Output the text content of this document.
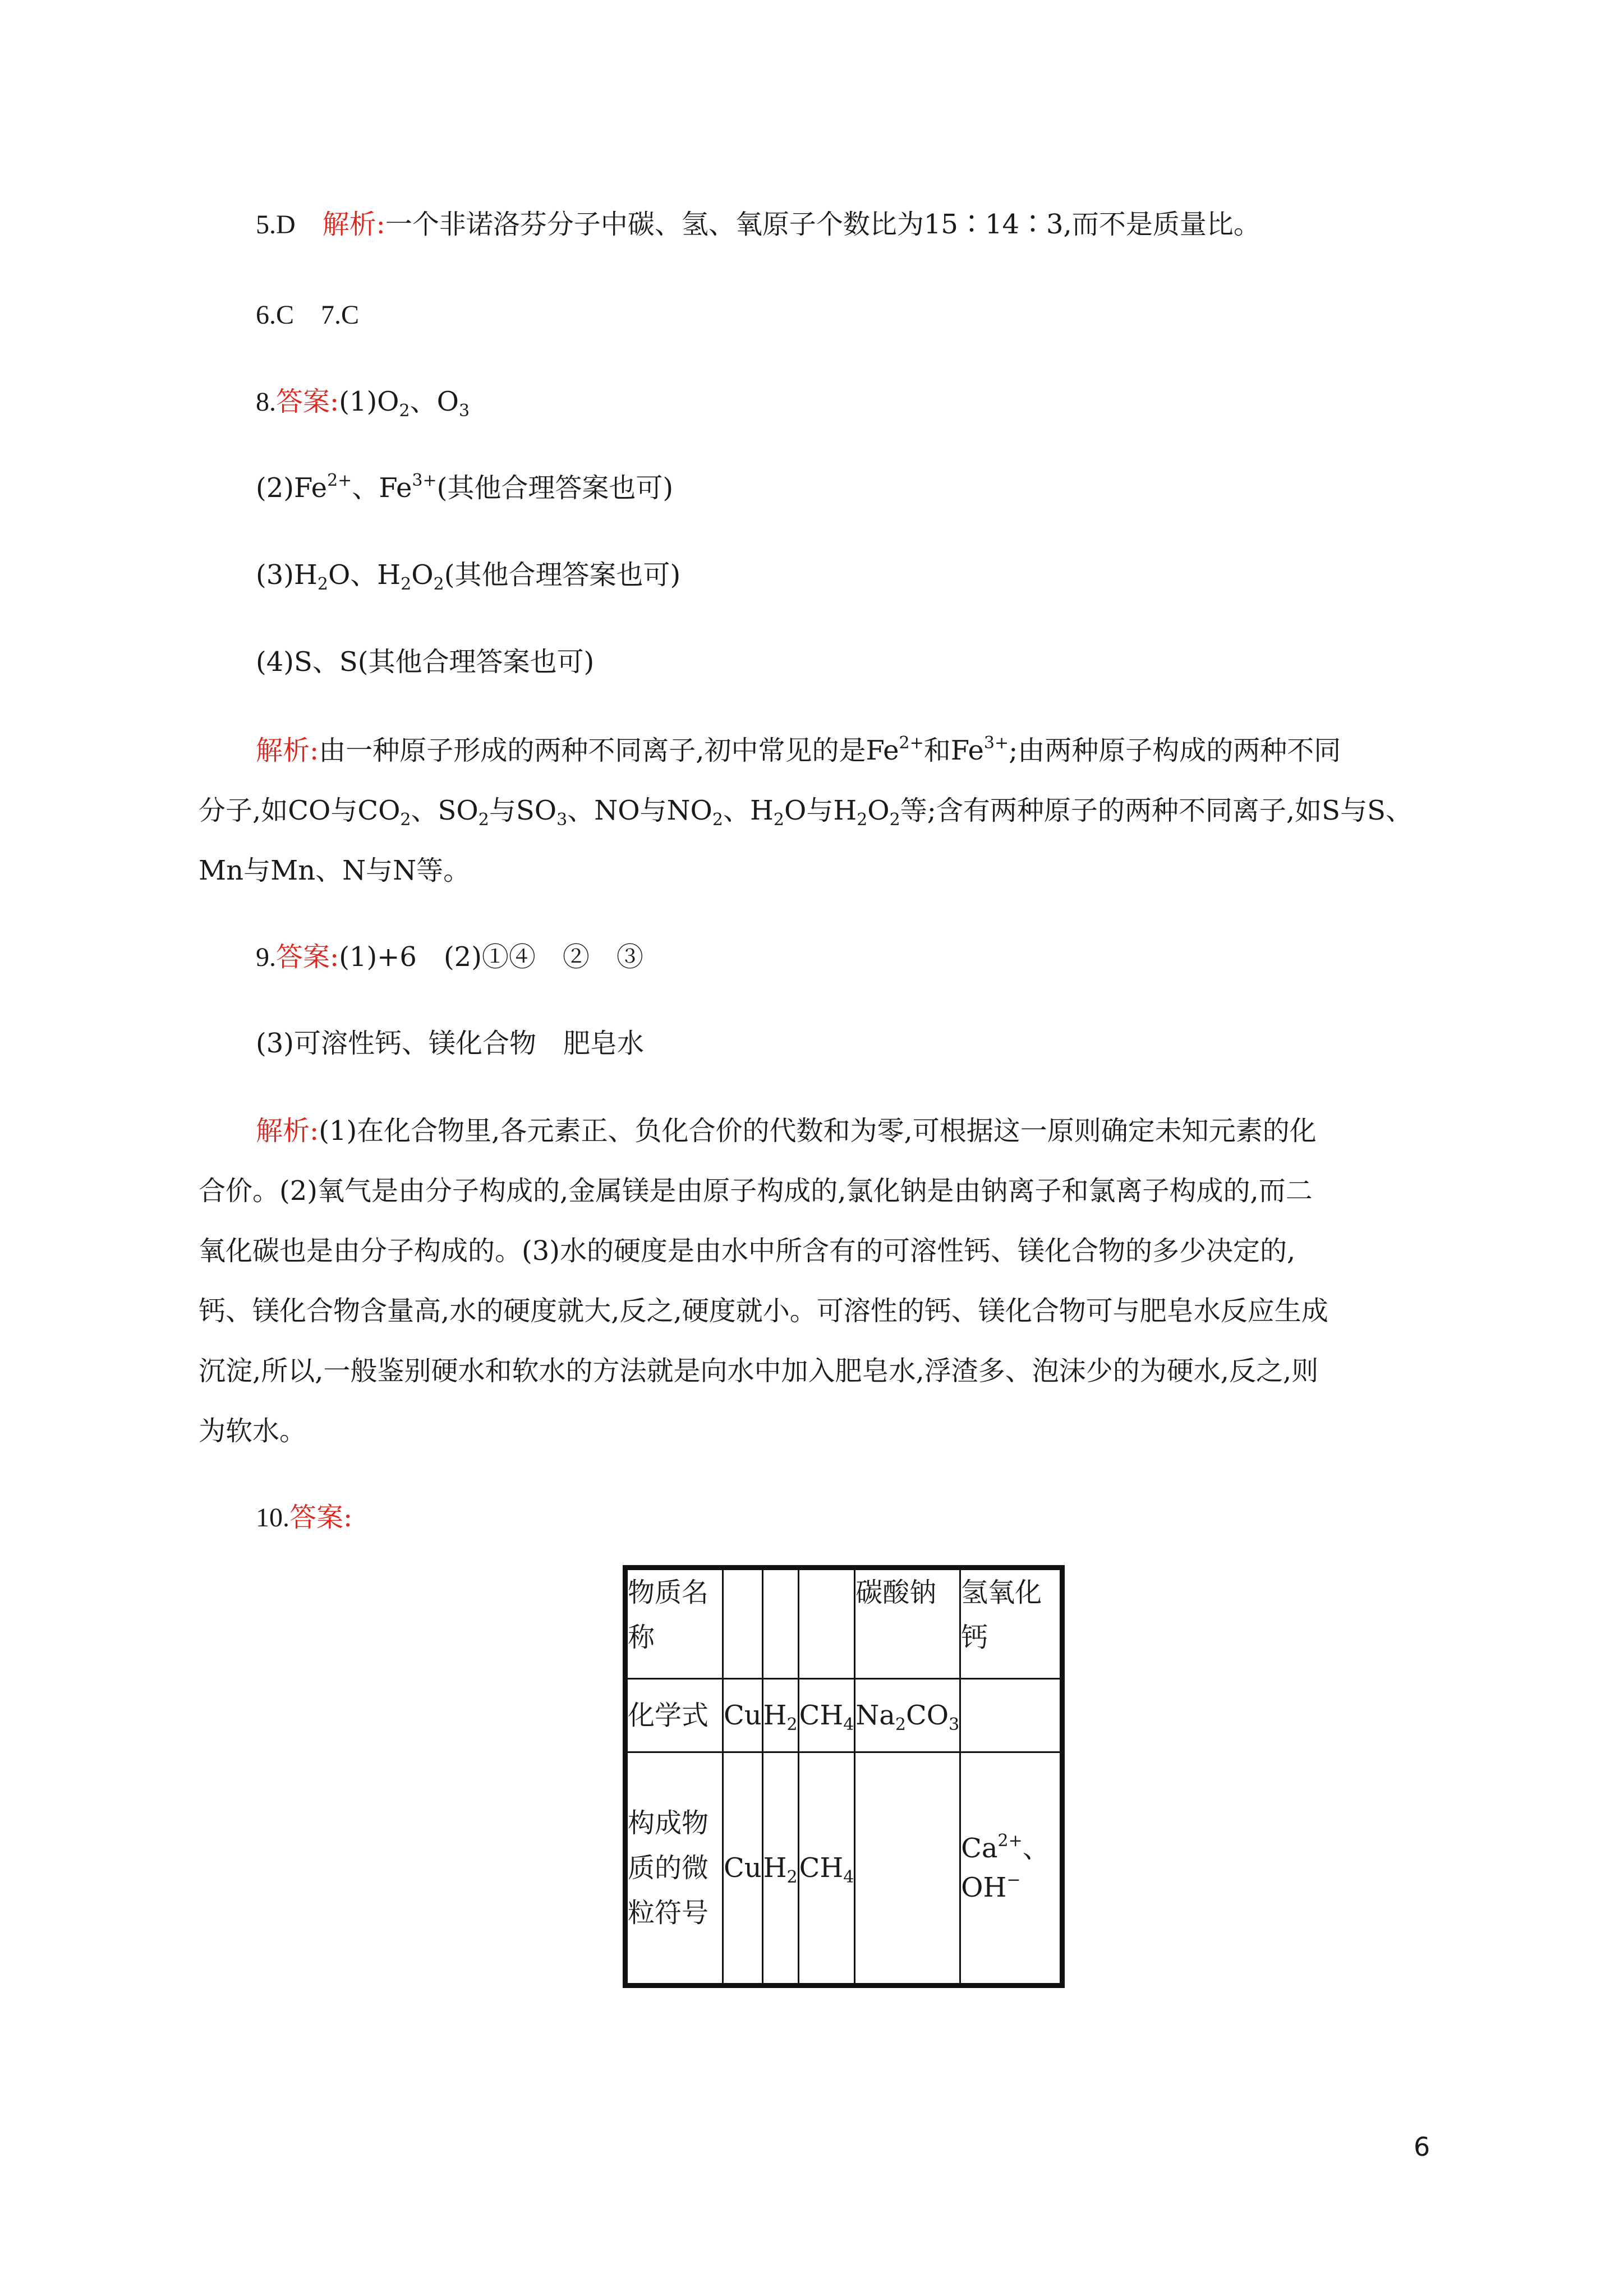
5.D  解析:一个非诺洛芬分子中碳、氢、氧原子个数比为15∶14∶3,而不是质量比。
6.C  7.C
8.答案$:(1)O_2$、$O_3$
$(2)Fe^{2+}$、$Fe^{3+}$(其他合理答案也可)
$(3)H_2O$、$H_2O_2$(其他合理答案也可)
(4)S、S(其他合理答案也可)
解析:由一种原子形成的两种不同离子,初中常见的是$Fe^{2+}$和$Fe^{3+}$;由两种原子构成的两种不同
分子,如CO与$CO_2$、$SO_2$与$SO_3$、NO与$NO_2$、$H_2O$与$H_2O_2$等;含有两种原子的两种不同离子,如S与S、
Mn与Mn、N与N等。
9.答案:(1)+6　(2)①④　②　③
(3)可溶性钙、镁化合物　肥皂水
解析:(1)在化合物里,各元素正、负化合价的代数和为零,可根据这一原则确定未知元素的化
合价。(2)氧气是由分子构成的,金属镁是由原子构成的,氯化钠是由钠离子和氯离子构成的,而二
氧化碳也是由分子构成的。(3)水的硬度是由水中所含有的可溶性钙、镁化合物的多少决定的,
钙、镁化合物含量高,水的硬度就大,反之,硬度就小。可溶性的钙、镁化合物可与肥皂水反应生成
沉淀,所以,一般鉴别硬水和软水的方法就是向水中加入肥皂水,浮渣多、泡沫少的为硬水,反之,则
为软水。
10.答案:
物质名称				碳酸钠	氢氧化钙
化学式	Cu	$H_2$	$CH_4$	$Na_2CO_3$	
构成物质的微粒符号	Cu	$H_2$	$CH_4$		$Ca^{2+}$、
OH−
6
